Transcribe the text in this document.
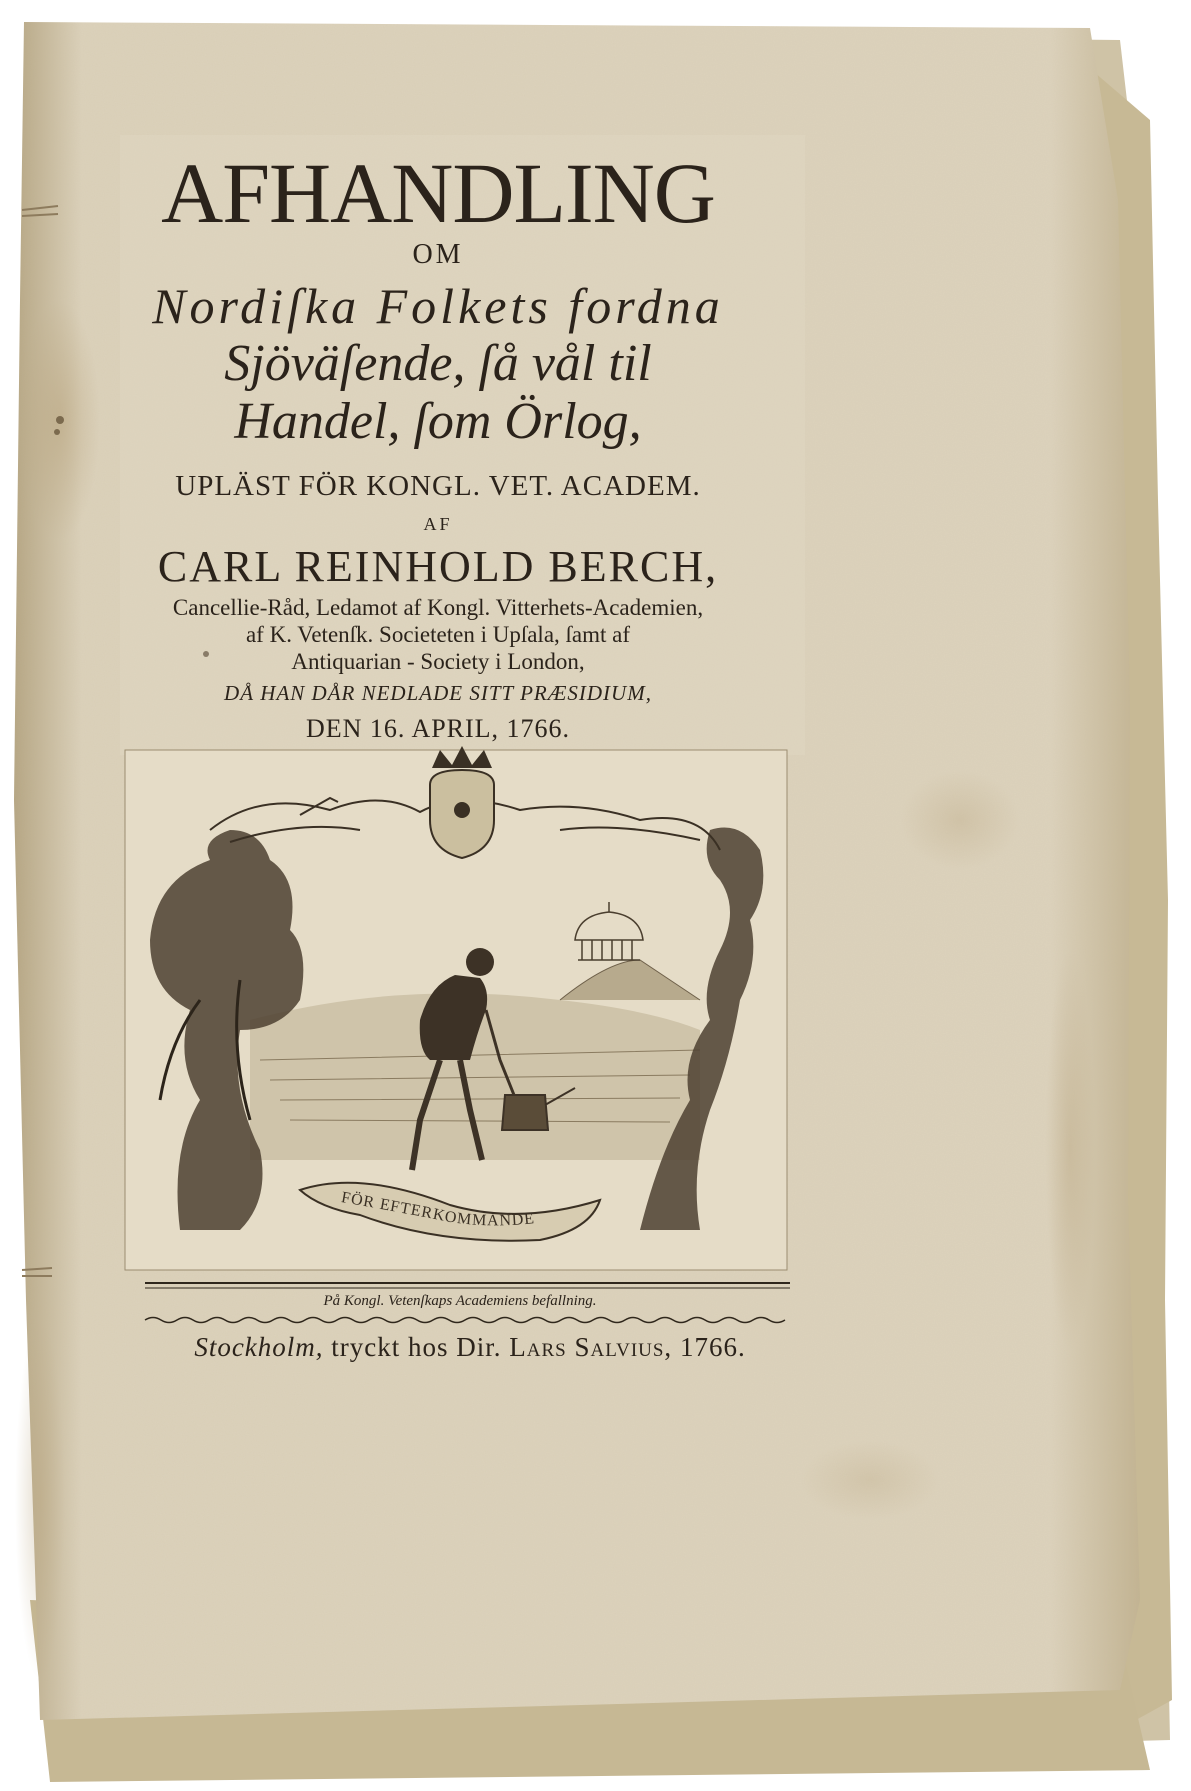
FÖR EFTERKOMMANDE
AFHANDLING
OM
Nordiſka Folkets fordna
Sjöväſende, ſå vål til
Handel, ſom Örlog,
UPLÄST FÖR KONGL. VET. ACADEM.
AF
CARL REINHOLD BERCH,
Cancellie-Råd, Ledamot af Kongl. Vitterhets-Academien,
af K. Vetenſk. Societeten i Upſala, ſamt af
Antiquarian - Society i London,
DÅ HAN DÅR NEDLADE SITT PRÆSIDIUM,
DEN 16. APRIL, 1766.
På Kongl. Vetenſkaps Academiens befallning.
Stockholm, tryckt hos Dir. Lars Salvius, 1766.
